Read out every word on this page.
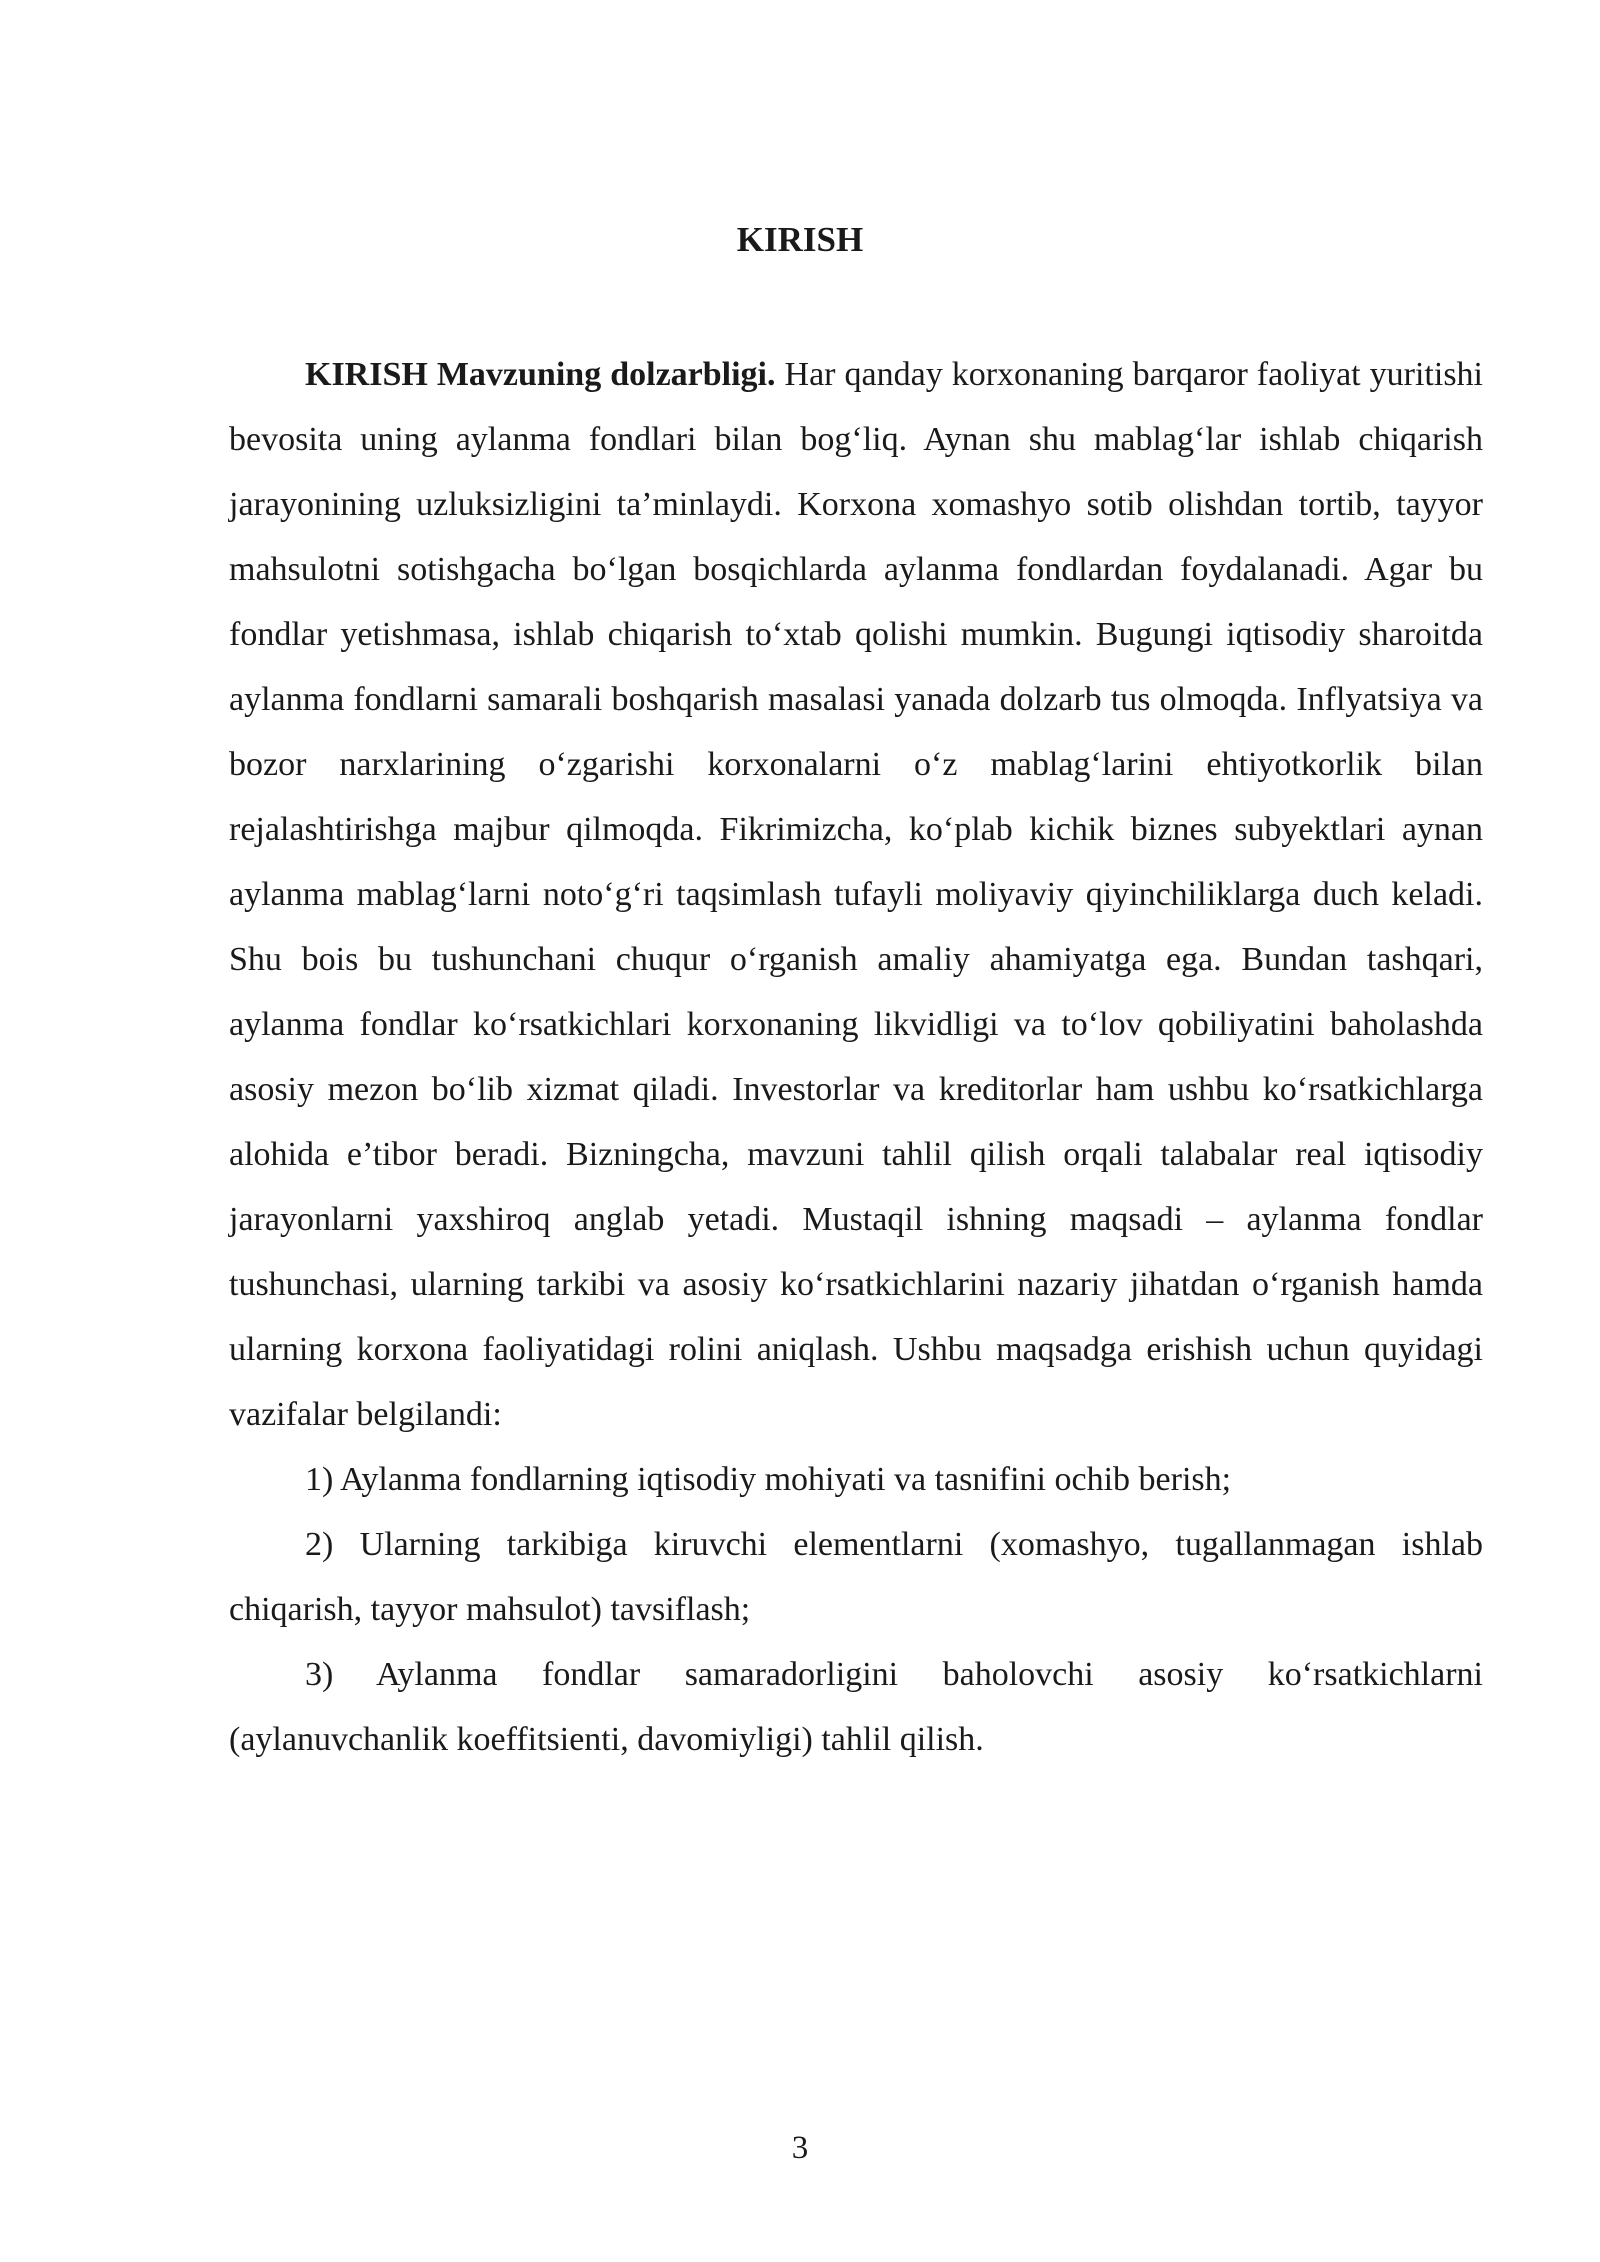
KIRISH

KIRISH Mavzuning dolzarbligi. Har qanday korxonaning barqaror faoliyat yuritishi bevosita uning aylanma fondlari bilan bog‘liq. Aynan shu mablag‘lar ishlab chiqarish jarayonining uzluksizligini ta’minlaydi. Korxona xomashyo sotib olishdan tortib, tayyor mahsulotni sotishgacha bo‘lgan bosqichlarda aylanma fondlardan foydalanadi. Agar bu fondlar yetishmasa, ishlab chiqarish to‘xtab qolishi mumkin. Bugungi iqtisodiy sharoitda aylanma fondlarni samarali boshqarish masalasi yanada dolzarb tus olmoqda. Inflyatsiya va bozor narxlarining o‘zgarishi korxonalarni o‘z mablag‘larini ehtiyotkorlik bilan rejalashtirishga majbur qilmoqda. Fikrimizcha, ko‘plab kichik biznes subyektlari aynan aylanma mablag‘larni noto‘g‘ri taqsimlash tufayli moliyaviy qiyinchiliklarga duch keladi. Shu bois bu tushunchani chuqur o‘rganish amaliy ahamiyatga ega. Bundan tashqari, aylanma fondlar ko‘rsatkichlari korxonaning likvidligi va to‘lov qobiliyatini baholashda asosiy mezon bo‘lib xizmat qiladi. Investorlar va kreditorlar ham ushbu ko‘rsatkichlarga alohida e’tibor beradi. Bizningcha, mavzuni tahlil qilish orqali talabalar real iqtisodiy jarayonlarni yaxshiroq anglab yetadi. Mustaqil ishning maqsadi – aylanma fondlar tushunchasi, ularning tarkibi va asosiy ko‘rsatkichlarini nazariy jihatdan o‘rganish hamda ularning korxona faoliyatidagi rolini aniqlash. Ushbu maqsadga erishish uchun quyidagi vazifalar belgilandi:

1) Aylanma fondlarning iqtisodiy mohiyati va tasnifini ochib berish;

2) Ularning tarkibiga kiruvchi elementlarni (xomashyo, tugallanmagan ishlab chiqarish, tayyor mahsulot) tavsiflash;

3) Aylanma fondlar samaradorligini baholovchi asosiy ko‘rsatkichlarni (aylanuvchanlik koeffitsienti, davomiyligi) tahlil qilish.

3
